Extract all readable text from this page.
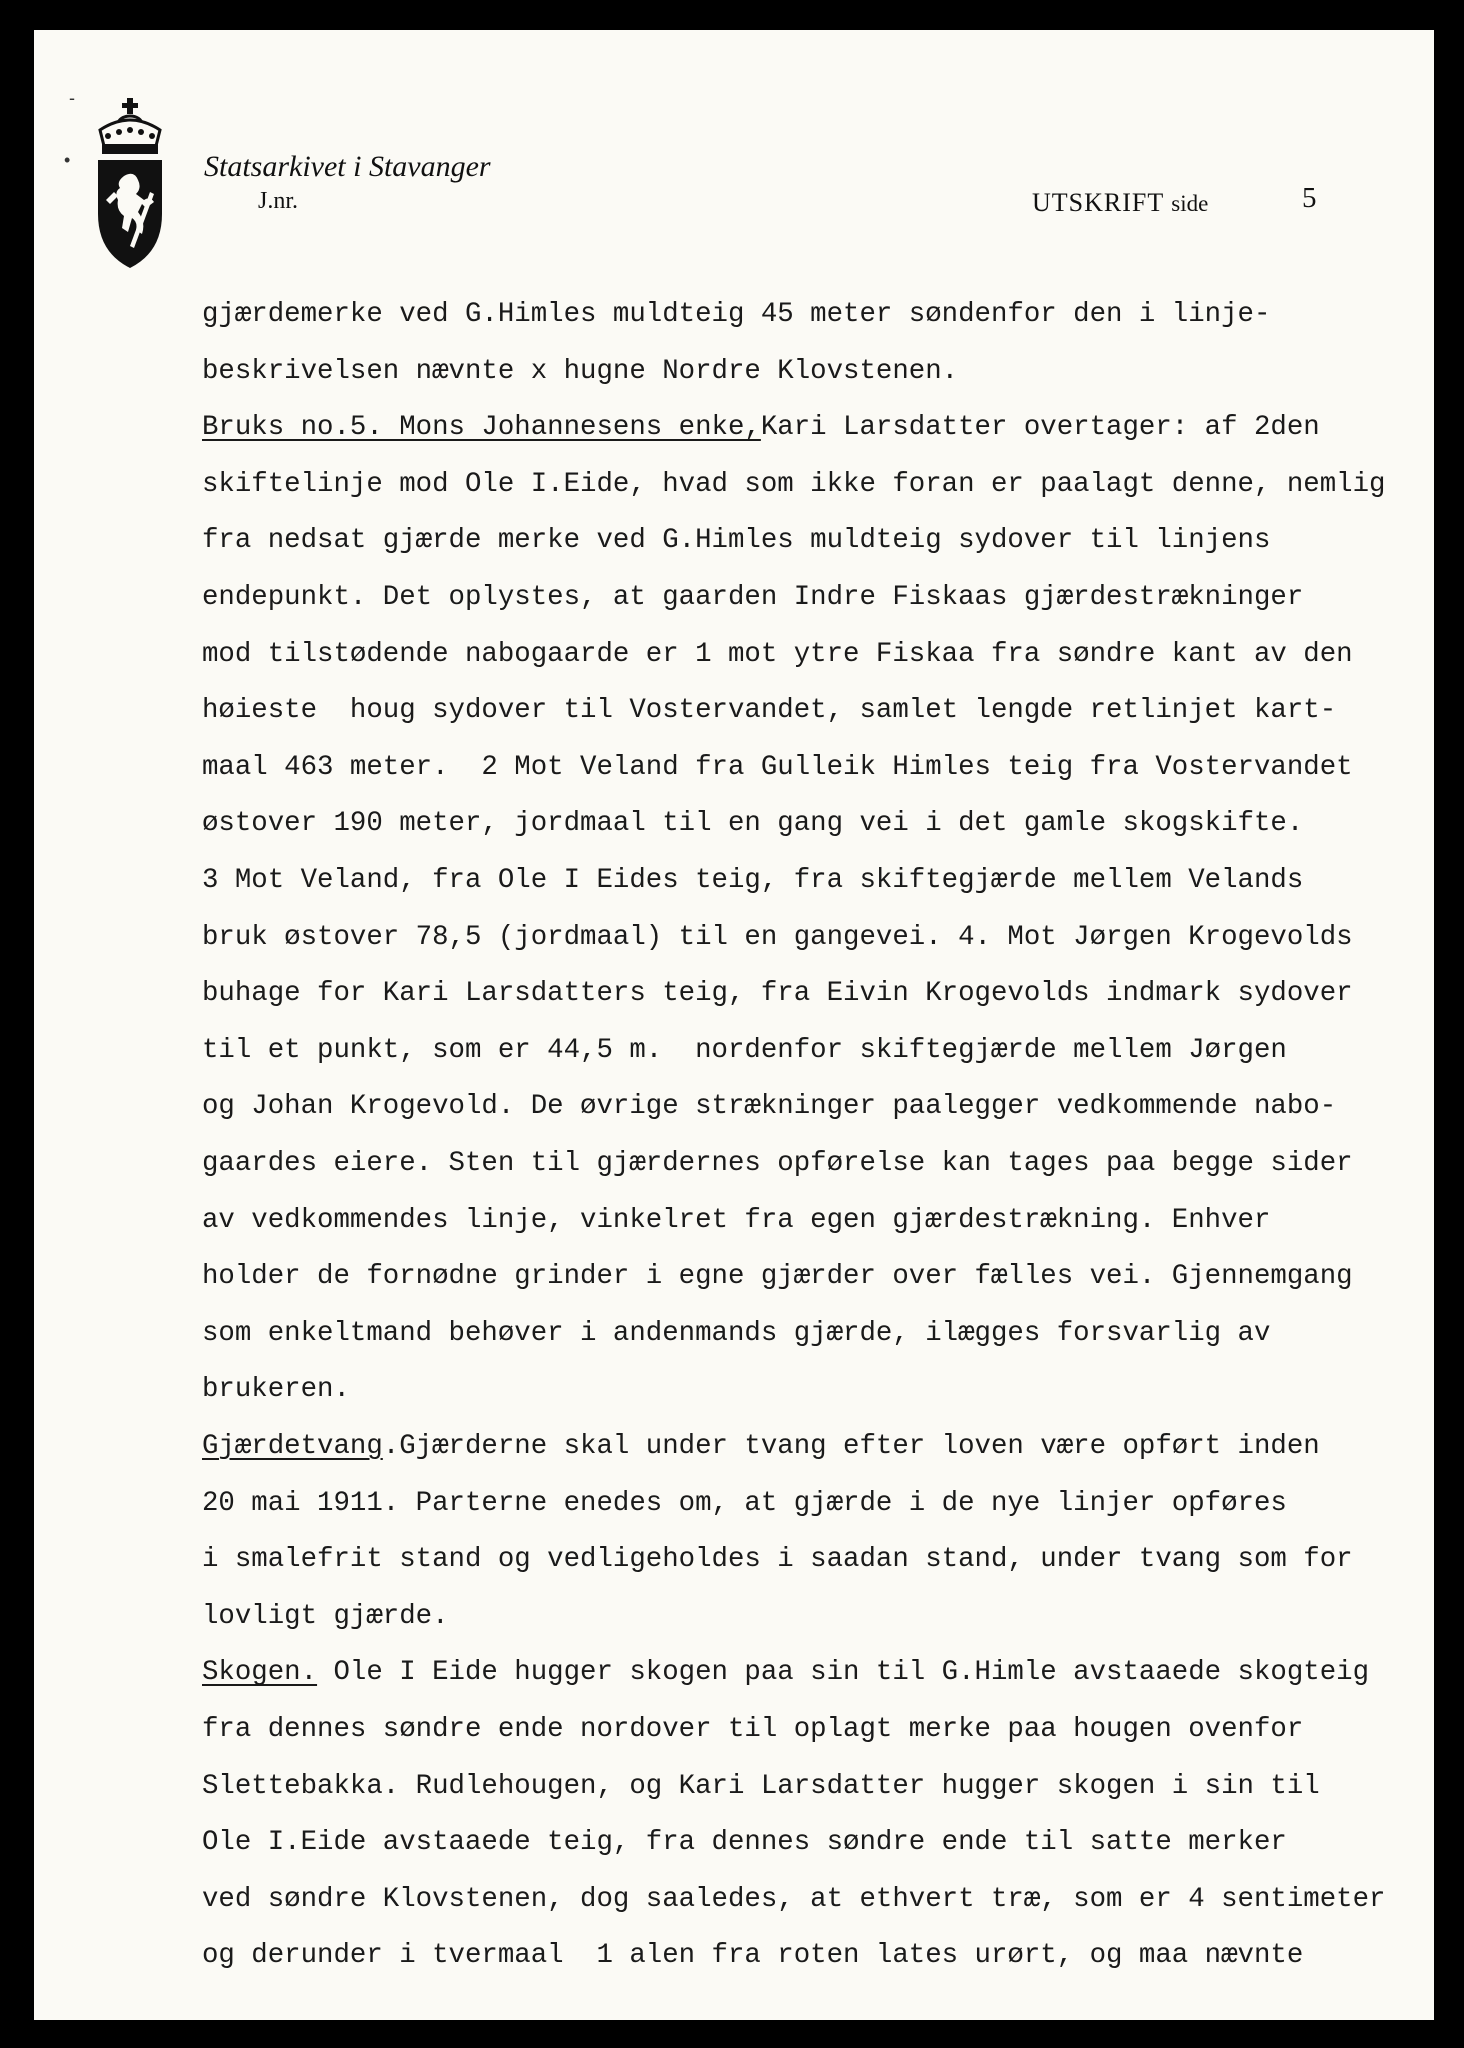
Statsarkivet i Stavanger
J.nr.	UTSKRIFT side	5
-
•
gjærdemerke ved G.Himles muldteig 45 meter søndenfor den i linje-
beskrivelsen nævnte x hugne Nordre Klovstenen.
Bruks no.5. Mons Johannesens enke,Kari Larsdatter overtager: af 2den
skiftelinje mod Ole I.Eide, hvad som ikke foran er paalagt denne, nemlig
fra nedsat gjærde merke ved G.Himles muldteig sydover til linjens
endepunkt. Det oplystes, at gaarden Indre Fiskaas gjærdestrækninger
mod tilstødende nabogaarde er 1 mot ytre Fiskaa fra søndre kant av den
høieste  houg sydover til Vostervandet, samlet lengde retlinjet kart-
maal 463 meter.  2 Mot Veland fra Gulleik Himles teig fra Vostervandet
østover 190 meter, jordmaal til en gang vei i det gamle skogskifte.
3 Mot Veland, fra Ole I Eides teig, fra skiftegjærde mellem Velands
bruk østover 78,5 (jordmaal) til en gangevei. 4. Mot Jørgen Krogevolds
buhage for Kari Larsdatters teig, fra Eivin Krogevolds indmark sydover
til et punkt, som er 44,5 m.  nordenfor skiftegjærde mellem Jørgen
og Johan Krogevold. De øvrige strækninger paalegger vedkommende nabo-
gaardes eiere. Sten til gjærdernes opførelse kan tages paa begge sider
av vedkommendes linje, vinkelret fra egen gjærdestrækning. Enhver
holder de fornødne grinder i egne gjærder over fælles vei. Gjennemgang
som enkeltmand behøver i andenmands gjærde, ilægges forsvarlig av
brukeren.
Gjærdetvang.Gjærderne skal under tvang efter loven være opført inden
20 mai 1911. Parterne enedes om, at gjærde i de nye linjer opføres
i smalefrit stand og vedligeholdes i saadan stand, under tvang som for
lovligt gjærde.
Skogen. Ole I Eide hugger skogen paa sin til G.Himle avstaaede skogteig
fra dennes søndre ende nordover til oplagt merke paa hougen ovenfor
Slettebakka. Rudlehougen, og Kari Larsdatter hugger skogen i sin til
Ole I.Eide avstaaede teig, fra dennes søndre ende til satte merker
ved søndre Klovstenen, dog saaledes, at ethvert træ, som er 4 sentimeter
og derunder i tvermaal  1 alen fra roten lates urørt, og maa nævnte
